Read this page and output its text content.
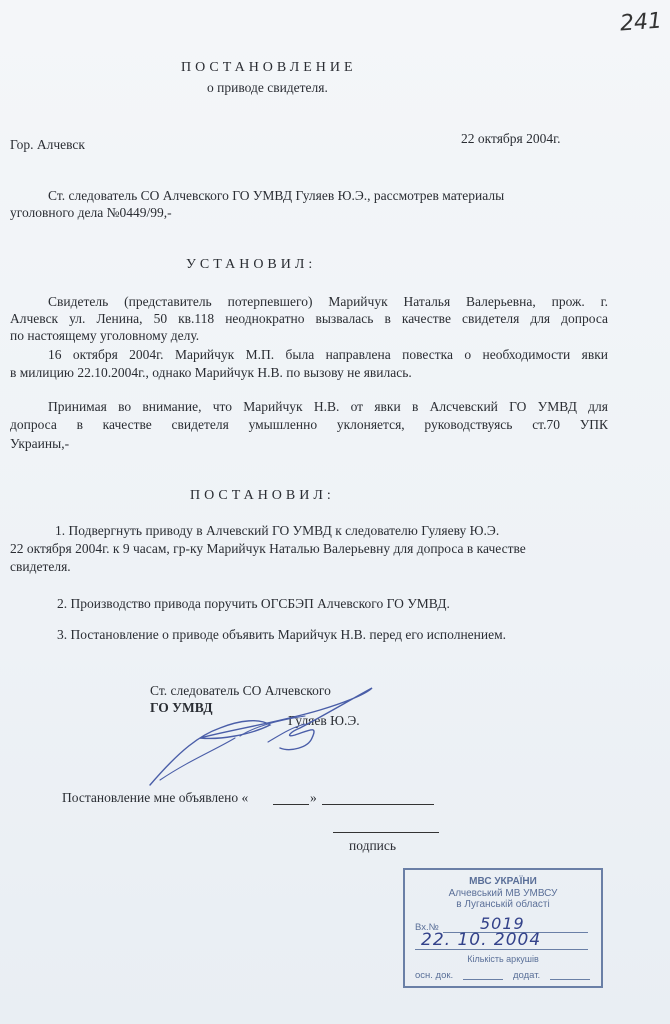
241
ПОСТАНОВЛЕНИЕ
о приводе свидетеля.
Гор. Алчевск	22 октября 2004г.
Ст. следователь СО Алчевского ГО УМВД Гуляев Ю.Э., рассмотрев материалы
уголовного дела №0449/99,-
УСТАНОВИЛ:
Свидетель (представитель потерпевшего) Марийчук Наталья Валерьевна, прож. г.
Алчевск ул. Ленина, 50 кв.118 неоднократно вызвалась в качестве свидетеля для допроса
по настоящему уголовному делу.
16 октября 2004г. Марийчук М.П. была направлена повестка о необходимости явки
в милицию 22.10.2004г., однако Марийчук Н.В. по вызову не явилась.
Принимая во внимание, что Марийчук Н.В. от явки в Алсчевский ГО УМВД для
допроса в качестве свидетеля умышленно уклоняется, руководствуясь ст.70 УПК
Украины,-
ПОСТАНОВИЛ:
1. Подвергнуть приводу в Алчевский ГО УМВД к следователю Гуляеву Ю.Э.
22 октября 2004г. к 9 часам, гр-ку Марийчук Наталью Валерьевну для допроса в качестве
свидетеля.
2. Производство привода поручить ОГСБЭП Алчевского ГО УМВД.
3. Постановление о приводе объявить Марийчук Н.В. перед его исполнением.
Ст. следователь СО Алчевского
ГО УМВД
Гуляев Ю.Э.
Постановление мне объявлено «	»
подпись
МВС УКРАЇНИ
Алчевський МВ УМВСУ
в Луганській області
Вх.№	5019
22. 10. 2004
Кількість аркушів
осн. док.	додат.
